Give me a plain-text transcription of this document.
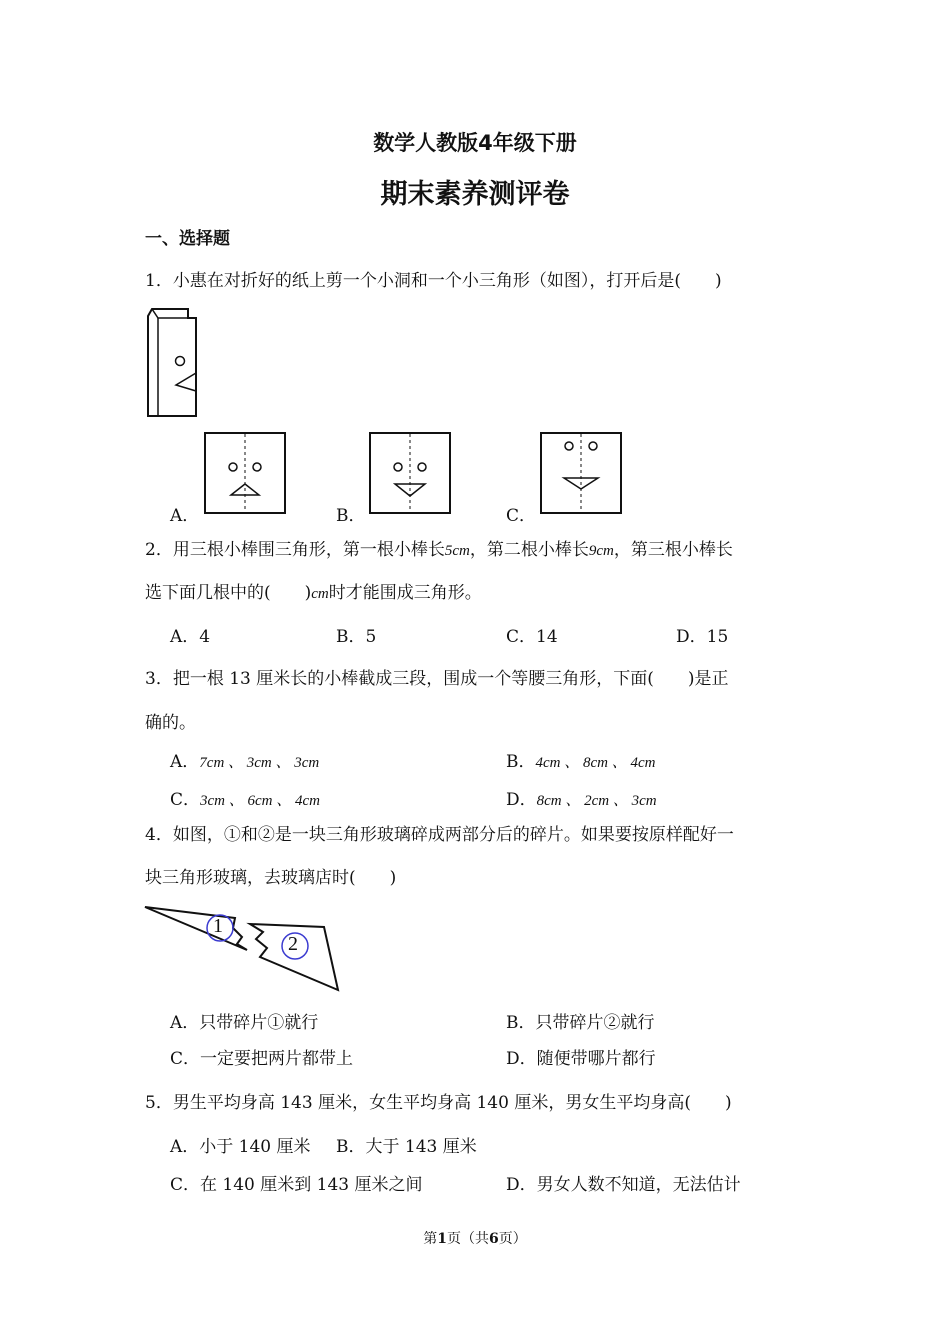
数学人教版4年级下册
期末素养测评卷
一、选择题
1．小惠在对折好的纸上剪一个小洞和一个小三角形（如图），打开后是(　　)
A．	B．	C．
2．用三根小棒围三角形，第一根小棒长5cm，第二根小棒长9cm，第三根小棒长
选下面几根中的(　　)cm时才能围成三角形。
A．4	B．5	C．14	D．15
3．把一根 13 厘米长的小棒截成三段，围成一个等腰三角形，下面(　　)是正
确的。
A．7cm 、 3cm 、 3cm	B．4cm 、 8cm 、 4cm
C．3cm 、 6cm 、 4cm	D．8cm 、 2cm 、 3cm
4．如图，①和②是一块三角形玻璃碎成两部分后的碎片。如果要按原样配好一
块三角形玻璃，去玻璃店时(　　)
1
2
A．只带碎片①就行	B．只带碎片②就行
C．一定要把两片都带上	D．随便带哪片都行
5．男生平均身高 143 厘米，女生平均身高 140 厘米，男女生平均身高(　　)
A．小于 140 厘米 B．大于 143 厘米
C．在 140 厘米到 143 厘米之间	D．男女人数不知道，无法估计
第1页（共6页）
